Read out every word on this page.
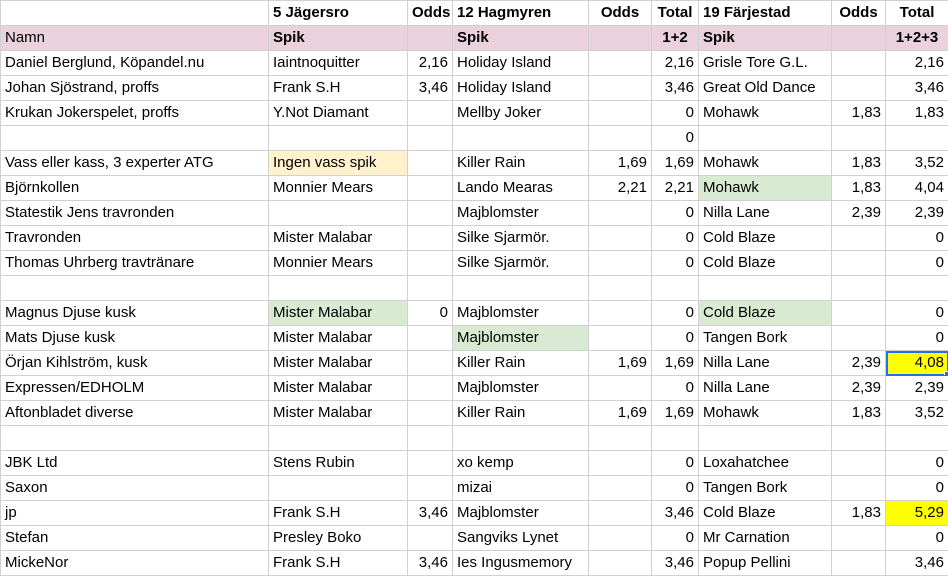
	5 Jägersro	Odds	12 Hagmyren	Odds	Total	19 Färjestad	Odds	Total
Namn	Spik		Spik		1+2	Spik		1+2+3
Daniel Berglund, Köpandel.nu	Iaintnoquitter	2,16	Holiday Island		2,16	Grisle Tore G.L.		2,16
Johan Sjöstrand, proffs	Frank S.H	3,46	Holiday Island		3,46	Great Old Dance		3,46
Krukan Jokerspelet, proffs	Y.Not Diamant		Mellby Joker		0	Mohawk	1,83	1,83
					0			
Vass eller kass, 3 experter ATG	Ingen vass spik		Killer Rain	1,69	1,69	Mohawk	1,83	3,52
Björnkollen	Monnier Mears		Lando Mearas	2,21	2,21	Mohawk	1,83	4,04
Statestik Jens travronden			Majblomster		0	Nilla Lane	2,39	2,39
Travronden	Mister Malabar		Silke Sjarmör.		0	Cold Blaze		0
Thomas Uhrberg travtränare	Monnier Mears		Silke Sjarmör.		0	Cold Blaze		0

Magnus Djuse kusk	Mister Malabar	0	Majblomster		0	Cold Blaze		0
Mats Djuse kusk	Mister Malabar		Majblomster		0	Tangen Bork		0
Örjan Kihlström, kusk	Mister Malabar		Killer Rain	1,69	1,69	Nilla Lane	2,39	4,08

Expressen/EDHOLM	Mister Malabar		Majblomster		0	Nilla Lane	2,39	2,39
Aftonbladet diverse	Mister Malabar		Killer Rain	1,69	1,69	Mohawk	1,83	3,52

JBK Ltd	Stens Rubin		xo kemp		0	Loxahatchee		0
Saxon			mizai		0	Tangen Bork		0
jp	Frank S.H	3,46	Majblomster		3,46	Cold Blaze	1,83	5,29
Stefan	Presley Boko		Sangviks Lynet		0	Mr Carnation		0
MickeNor	Frank S.H	3,46	Ies Ingusmemory		3,46	Popup Pellini		3,46
